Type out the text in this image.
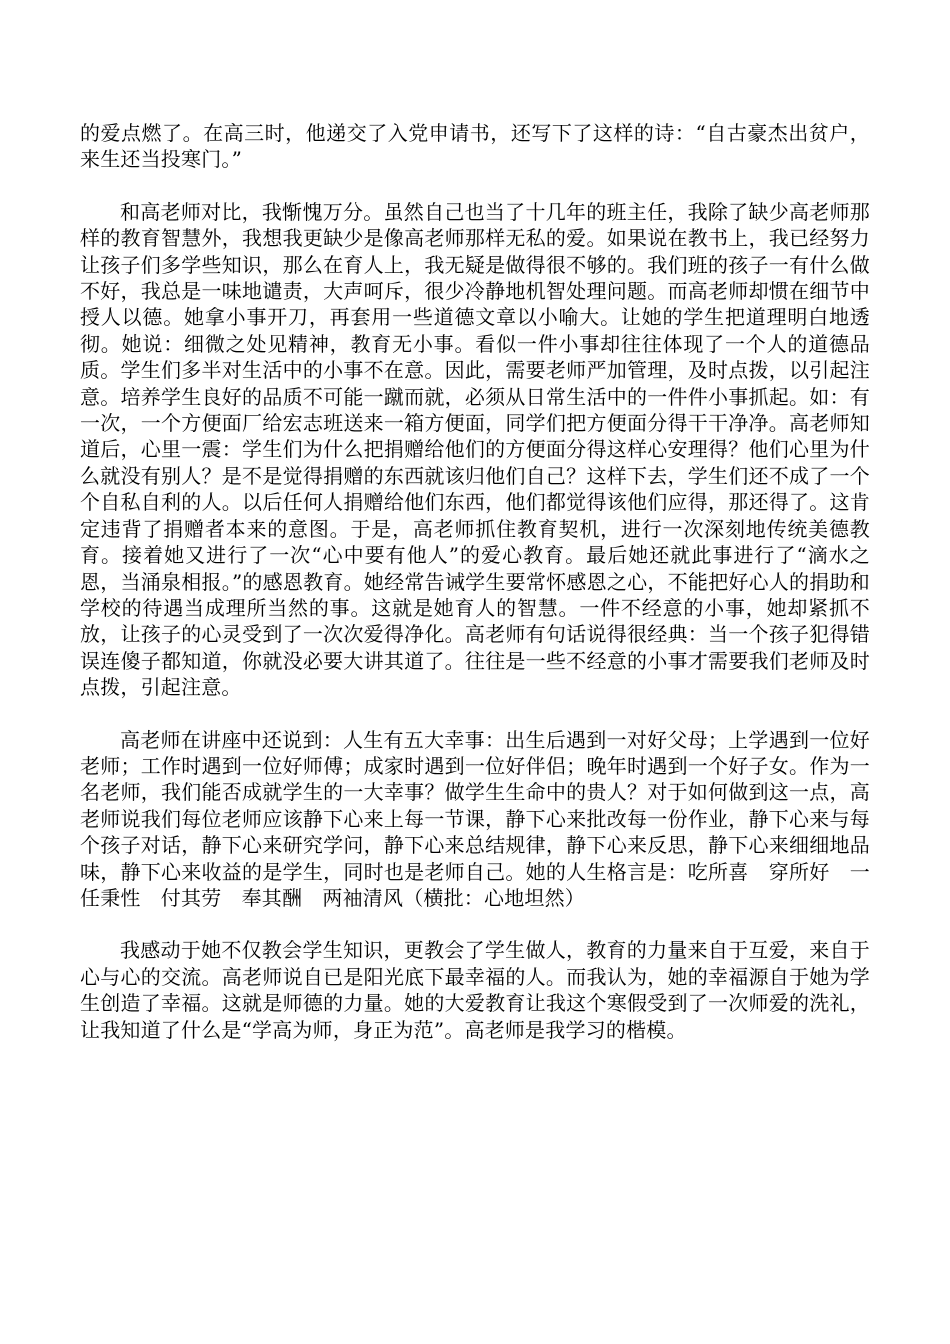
的爱点燃了。在高三时，他递交了入党申请书，还写下了这样的诗：“自古豪杰出贫户，来生还当投寒门。”

和高老师对比，我惭愧万分。虽然自己也当了十几年的班主任，我除了缺少高老师那样的教育智慧外，我想我更缺少是像高老师那样无私的爱。如果说在教书上，我已经努力让孩子们多学些知识，那么在育人上，我无疑是做得很不够的。我们班的孩子一有什么做不好，我总是一味地谴责，大声呵斥，很少冷静地机智处理问题。而高老师却惯在细节中授人以德。她拿小事开刀，再套用一些道德文章以小喻大。让她的学生把道理明白地透彻。她说：细微之处见精神，教育无小事。看似一件小事却往往体现了一个人的道德品质。学生们多半对生活中的小事不在意。因此，需要老师严加管理，及时点拨，以引起注意。培养学生良好的品质不可能一蹴而就，必须从日常生活中的一件件小事抓起。如：有一次，一个方便面厂给宏志班送来一箱方便面，同学们把方便面分得干干净净。高老师知道后，心里一震：学生们为什么把捐赠给他们的方便面分得这样心安理得？他们心里为什么就没有别人？是不是觉得捐赠的东西就该归他们自己？这样下去，学生们还不成了一个个自私自利的人。以后任何人捐赠给他们东西，他们都觉得该他们应得，那还得了。这肯定违背了捐赠者本来的意图。于是，高老师抓住教育契机，进行一次深刻地传统美德教育。接着她又进行了一次“心中要有他人”的爱心教育。最后她还就此事进行了“滴水之恩，当涌泉相报。”的感恩教育。她经常告诫学生要常怀感恩之心，不能把好心人的捐助和学校的待遇当成理所当然的事。这就是她育人的智慧。一件不经意的小事，她却紧抓不放，让孩子的心灵受到了一次次爱得净化。高老师有句话说得很经典：当一个孩子犯得错误连傻子都知道，你就没必要大讲其道了。往往是一些不经意的小事才需要我们老师及时点拨，引起注意。

高老师在讲座中还说到：人生有五大幸事：出生后遇到一对好父母；上学遇到一位好老师；工作时遇到一位好师傅；成家时遇到一位好伴侣；晚年时遇到一个好子女。作为一名老师，我们能否成就学生的一大幸事？做学生生命中的贵人？对于如何做到这一点，高老师说我们每位老师应该静下心来上每一节课，静下心来批改每一份作业，静下心来与每个孩子对话，静下心来研究学问，静下心来总结规律，静下心来反思，静下心来细细地品味，静下心来收益的是学生，同时也是老师自己。她的人生格言是：吃所喜　穿所好　一任秉性　付其劳　奉其酬　两袖清风（横批：心地坦然）

我感动于她不仅教会学生知识，更教会了学生做人，教育的力量来自于互爱，来自于心与心的交流。高老师说自已是阳光底下最幸福的人。而我认为，她的幸福源自于她为学生创造了幸福。这就是师德的力量。她的大爱教育让我这个寒假受到了一次师爱的洗礼，让我知道了什么是“学高为师，身正为范”。高老师是我学习的楷模。
